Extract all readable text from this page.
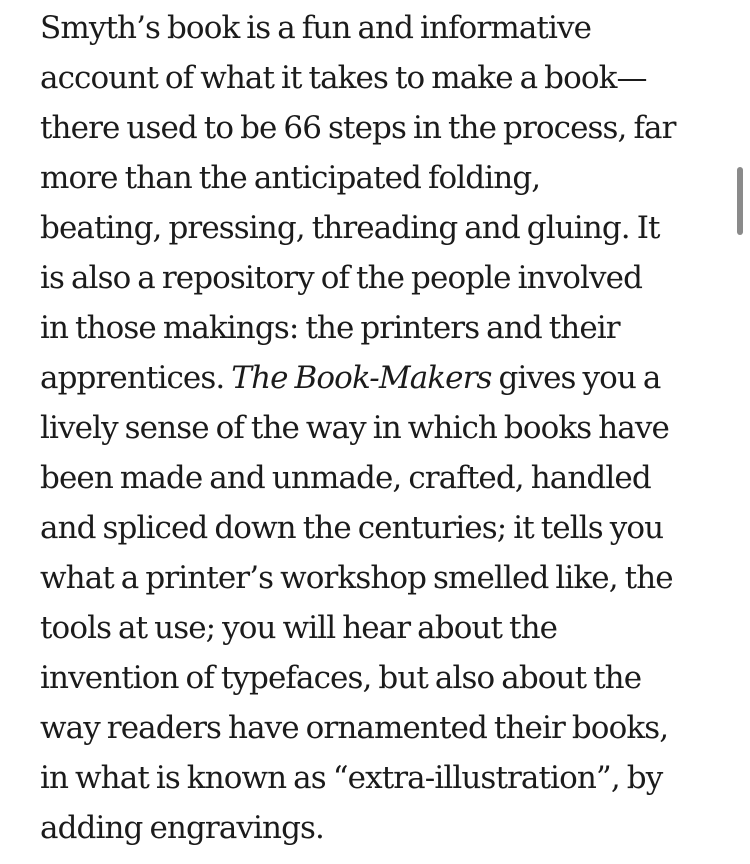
Smyth’s book is a fun and informative
account of what it takes to make a book—
there used to be 66 steps in the process, far
more than the anticipated folding,
beating, pressing, threading and gluing. It
is also a repository of the people involved
in those makings: the printers and their
apprentices. The Book-Makers gives you a
lively sense of the way in which books have
been made and unmade, crafted, handled
and spliced down the centuries; it tells you
what a printer’s workshop smelled like, the
tools at use; you will hear about the
invention of typefaces, but also about the
way readers have ornamented their books,
in what is known as “extra-illustration”, by
adding engravings.
